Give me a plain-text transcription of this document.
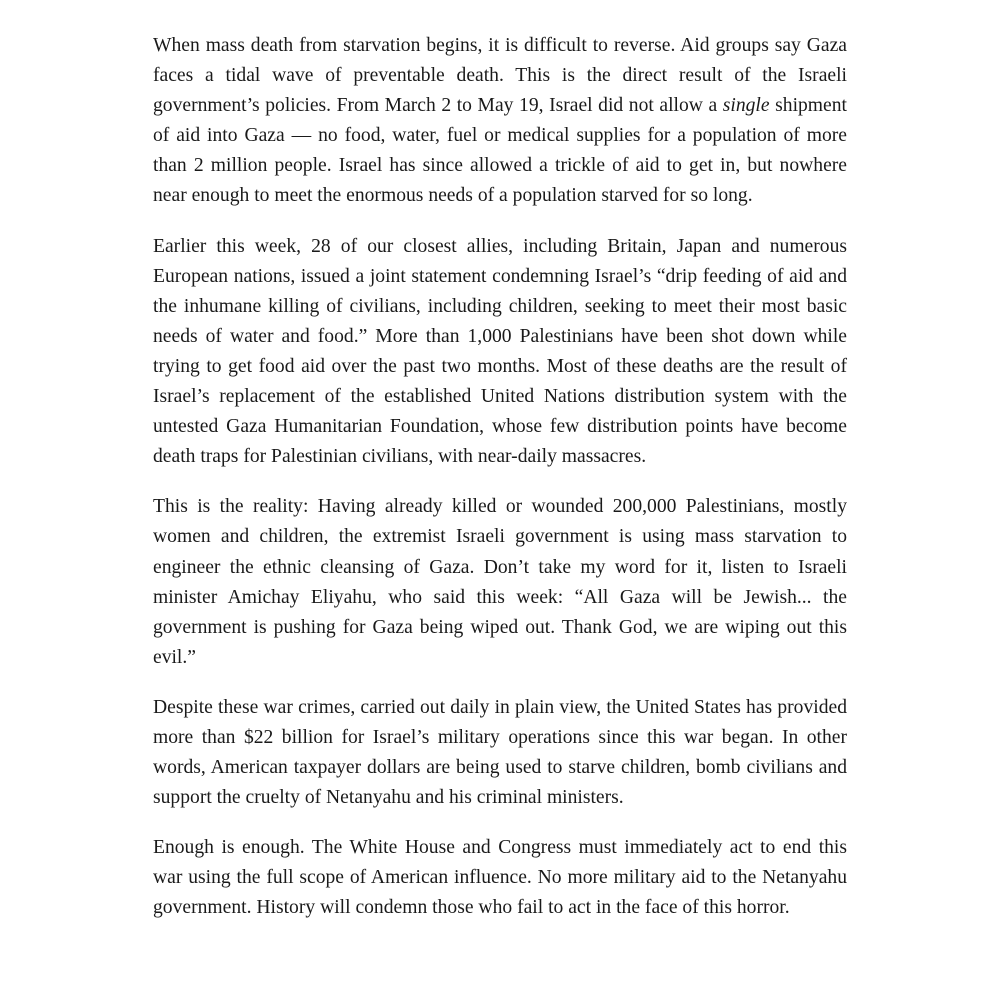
When mass death from starvation begins, it is difficult to reverse. Aid groups say Gaza faces a tidal wave of preventable death. This is the direct result of the Israeli government’s policies. From March 2 to May 19, Israel did not allow a single shipment of aid into Gaza — no food, water, fuel or medical supplies for a population of more than 2 million people. Israel has since allowed a trickle of aid to get in, but nowhere near enough to meet the enormous needs of a population starved for so long.

Earlier this week, 28 of our closest allies, including Britain, Japan and numerous European nations, issued a joint statement condemning Israel’s “drip feeding of aid and the inhumane killing of civilians, including children, seeking to meet their most basic needs of water and food.” More than 1,000 Palestinians have been shot down while trying to get food aid over the past two months. Most of these deaths are the result of Israel’s replacement of the established United Nations distribution system with the untested Gaza Humanitarian Foundation, whose few distribution points have become death traps for Palestinian civilians, with near-daily massacres.

This is the reality: Having already killed or wounded 200,000 Palestinians, mostly women and children, the extremist Israeli government is using mass starvation to engineer the ethnic cleansing of Gaza. Don’t take my word for it, listen to Israeli minister Amichay Eliyahu, who said this week: “All Gaza will be Jewish... the government is pushing for Gaza being wiped out. Thank God, we are wiping out this evil.”

Despite these war crimes, carried out daily in plain view, the United States has provided more than $22 billion for Israel’s military operations since this war began. In other words, American taxpayer dollars are being used to starve children, bomb civilians and support the cruelty of Netanyahu and his criminal ministers.

Enough is enough. The White House and Congress must immediately act to end this war using the full scope of American influence. No more military aid to the Netanyahu government. History will condemn those who fail to act in the face of this horror.
